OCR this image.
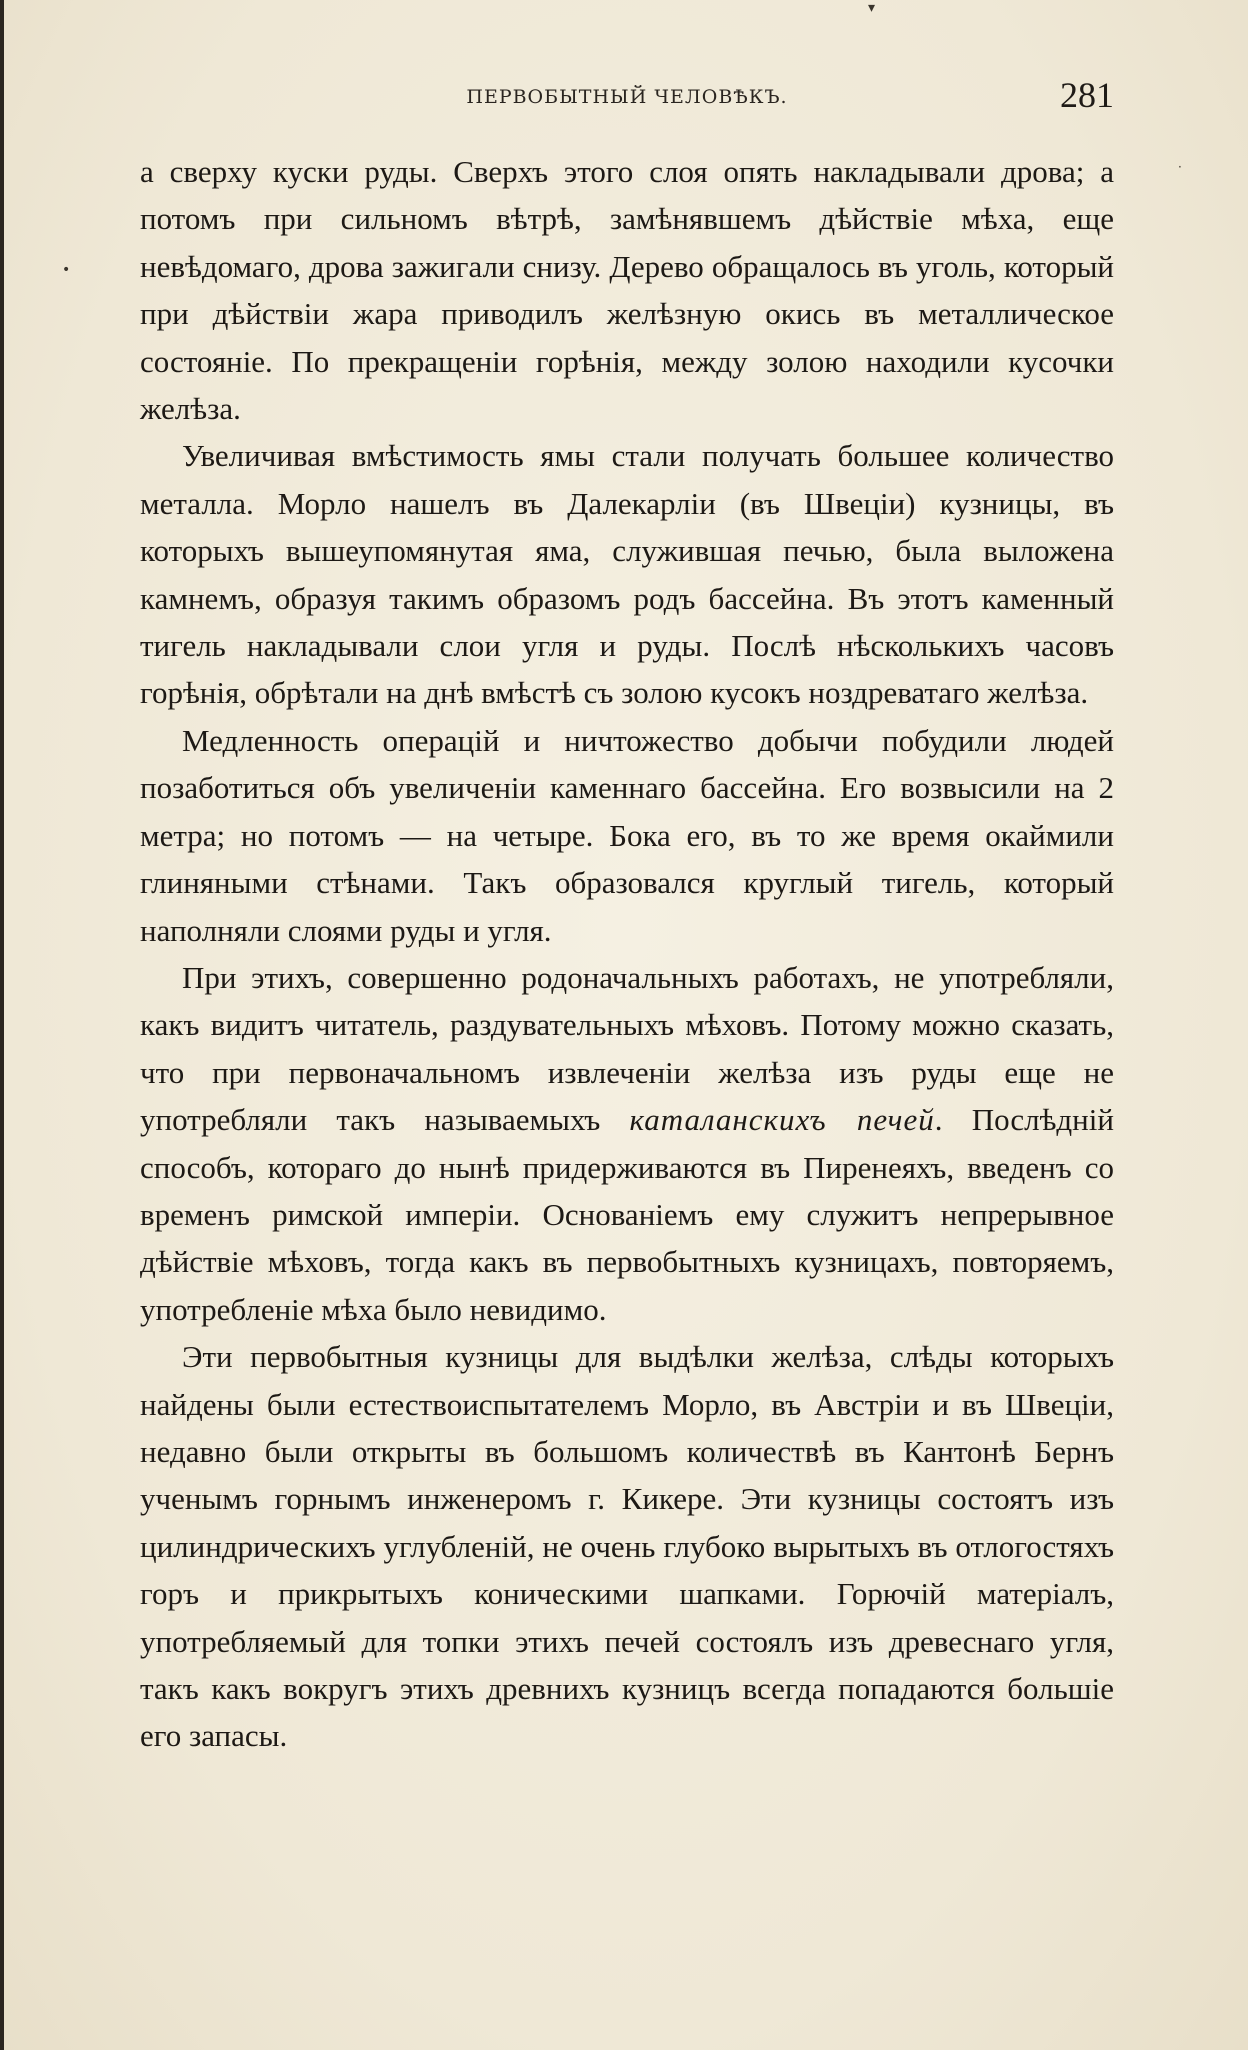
ПЕРВОБЫТНЫЙ ЧЕЛОВѢКЪ.	281

а сверху куски руды. Сверхъ этого слоя опять накладывали дрова; а потомъ при сильномъ вѣтрѣ, замѣнявшемъ дѣйствіе мѣха, еще невѣдомаго, дрова зажигали снизу. Дерево обращалось въ уголь, который при дѣйствіи жара приводилъ желѣзную окись въ металлическое состояніе. По прекращеніи горѣнія, между золою находили кусочки желѣза.

Увеличивая вмѣстимость ямы стали получать большее количество металла. Морло нашелъ въ Далекарліи (въ Швеціи) кузницы, въ которыхъ вышеупомянутая яма, служившая печью, была выложена камнемъ, образуя такимъ образомъ родъ бассейна. Въ этотъ каменный тигель накладывали слои угля и руды. Послѣ нѣсколькихъ часовъ горѣнія, обрѣтали на днѣ вмѣстѣ съ золою кусокъ ноздреватаго желѣза.

Медленность операцій и ничтожество добычи побудили людей позаботиться объ увеличеніи каменнаго бассейна. Его возвысили на 2 метра; но потомъ — на четыре. Бока его, въ то же время окаймили глиняными стѣнами. Такъ образовался круглый тигель, который наполняли слоями руды и угля.

При этихъ, совершенно родоначальныхъ работахъ, не употребляли, какъ видитъ читатель, раздувательныхъ мѣховъ. Потому можно сказать, что при первоначальномъ извлеченіи желѣза изъ руды еще не употребляли такъ называемыхъ каталанскихъ печей. Послѣдній способъ, котораго до нынѣ придерживаются въ Пиренеяхъ, введенъ со временъ римской имперіи. Основаніемъ ему служитъ непрерывное дѣйствіе мѣховъ, тогда какъ въ первобытныхъ кузницахъ, повторяемъ, употребленіе мѣха было невидимо.

Эти первобытныя кузницы для выдѣлки желѣза, слѣды которыхъ найдены были естествоиспытателемъ Морло, въ Австріи и въ Швеціи, недавно были открыты въ большомъ количествѣ въ Кантонѣ Бернъ ученымъ горнымъ инженеромъ г. Кикере. Эти кузницы состоятъ изъ цилиндрическихъ углубленій, не очень глубоко вырытыхъ въ отлогостяхъ горъ и прикрытыхъ коническими шапками. Горючій матеріалъ, употребляемый для топки этихъ печей состоялъ изъ древеснаго угля, такъ какъ вокругъ этихъ древнихъ кузницъ всегда попадаются большіе его запасы.

•
·
▾
